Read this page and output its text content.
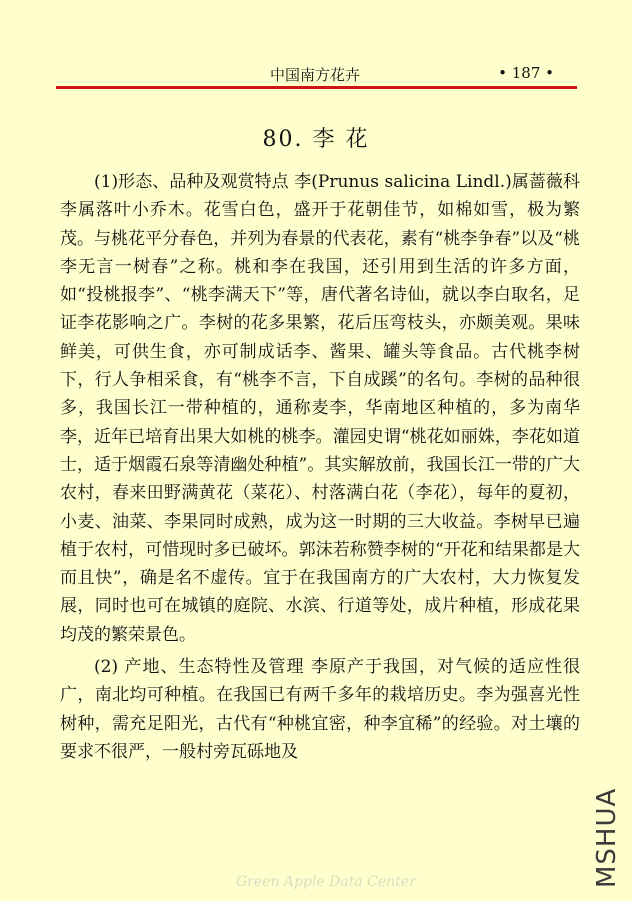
中国南方花卉	• 187 •
80. 李 花

(1)形态、品种及观赏特点 李(Prunus salicina Lindl.)属蔷薇科李属落叶小乔木。花雪白色，盛开于花朝佳节，如棉如雪，极为繁茂。与桃花平分春色，并列为春景的代表花，素有“桃李争春”以及“桃李无言一树春”之称。桃和李在我国，还引用到生活的许多方面，如“投桃报李”、“桃李满天下”等，唐代著名诗仙，就以李白取名，足证李花影响之广。李树的花多果繁，花后压弯枝头，亦颇美观。果味鲜美，可供生食，亦可制成话李、酱果、罐头等食品。古代桃李树下，行人争相采食，有“桃李不言，下自成蹊”的名句。李树的品种很多，我国长江一带种植的，通称麦李，华南地区种植的，多为南华李，近年已培育出果大如桃的桃李。灌园史谓“桃花如丽姝，李花如道士，适于烟霞石泉等清幽处种植”。其实解放前，我国长江一带的广大农村，春来田野满黄花（菜花）、村落满白花（李花），每年的夏初，小麦、油菜、李果同时成熟，成为这一时期的三大收益。李树早已遍植于农村，可惜现时多已破坏。郭沫若称赞李树的“开花和结果都是大而且快”，确是名不虚传。宜于在我国南方的广大农村，大力恢复发展，同时也可在城镇的庭院、水滨、行道等处，成片种植，形成花果均茂的繁荣景色。

(2) 产地、生态特性及管理 李原产于我国，对气候的适应性很广，南北均可种植。在我国已有两千多年的栽培历史。李为强喜光性树种，需充足阳光，古代有“种桃宜密，种李宜稀”的经验。对土壤的要求不很严，一般村旁瓦砾地及

Green Apple Data Center	MSHUA
